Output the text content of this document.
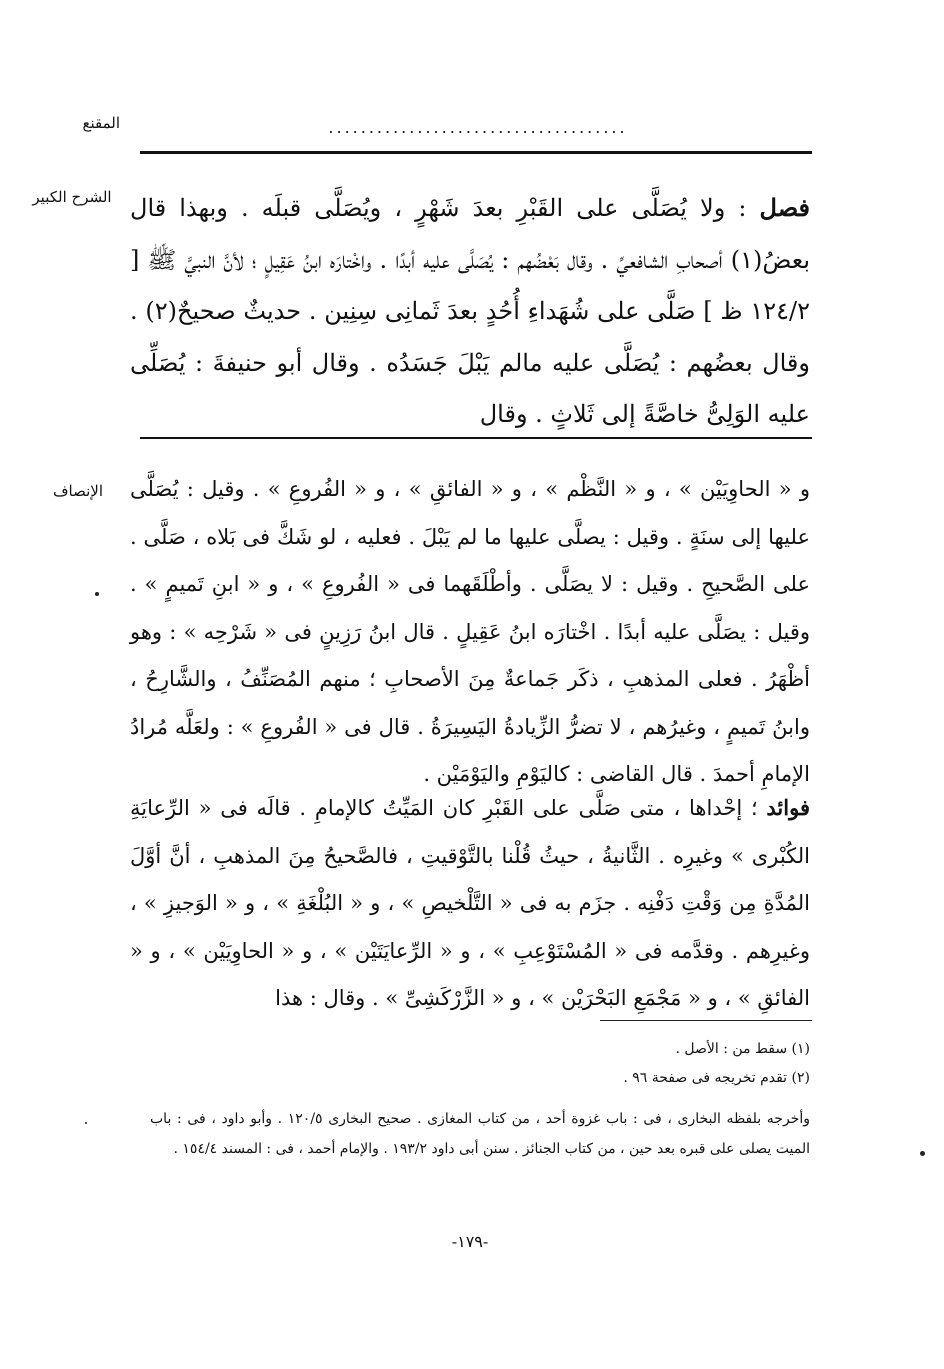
المقنع	.....................................
الشرح الكبير	فصل : ولا يُصَلَّى على القَبْرِ بعدَ شَهْرٍ ، ويُصَلَّى قبلَه . وبهذا قال بعضُ(١) أصحابِ الشافعيِّ . وقال بَعْضُهم : يُصَلَّى عليه أبدًا . واخْتارَه ابنُ عَقِيلٍ ؛ لأنَّ النبيَّ ﷺ [ ١٢٤/٢ ظ ] صَلَّى على شُهَداءِ أُحُدٍ بعدَ ثَمانِى سِنِين . حديثٌ صحيحٌ(٢) . وقال بعضُهم : يُصَلَّى عليه مالم يَبْلَ جَسَدُه . وقال أبو حنيفةَ : يُصَلِّى عليه الوَلِىُّ خاصَّةً إلى ثَلاثٍ . وقال
الإنصاف	و « الحاوِيَيْن » ، و « النَّظْم » ، و « الفائقِ » ، و « الفُروعِ » . وقيل : يُصَلَّى عليها إلى سنَةٍ . وقيل : يصلَّى عليها ما لم يَبْلَ . فعليه ، لو شَكَّ فى بَلاه ، صَلَّى . على الصَّحيحِ . وقيل : لا يصَلَّى . وأطْلَقَهما فى « الفُروعِ » ، و « ابنِ تَميمٍ » . وقيل : يصَلَّى عليه أبدًا . اخْتارَه ابنُ عَقِيلٍ . قال ابنُ رَزِينٍ فى « شَرْحِه » : وهو أظْهَرُ . فعلى المذهبِ ، ذكَر جَماعةٌ مِنَ الأصحابِ ؛ منهم المُصَنِّفُ ، والشَّارِحُ ، وابنُ تَميمٍ ، وغيرُهم ، لا تضرُّ الزِّيادةُ اليَسِيرَةُ . قال فى « الفُروعِ » : ولعَلَّه مُرادُ الإمامِ أحمدَ . قال القاضى : كاليَوْمِ واليَوْمَيْن .
فوائد ؛ إحْداها ، متى صَلَّى على القَبْرِ كان المَيِّتُ كالإمامِ . قالَه فى « الرِّعايَةِ الكُبْرى » وغيرِه . الثَّانيةُ ، حيثُ قُلْنا بالتَّوْقيتِ ، فالصَّحيحُ مِنَ المذهبِ ، أنَّ أوَّلَ المُدَّةِ مِن وَقْتِ دَفْنِه . جزَم به فى « التَّلْخيصِ » ، و « البُلْغَةِ » ، و « الوَجيزِ » ، وغيرِهم . وقدَّمه فى « المُسْتَوْعِبِ » ، و « الرِّعايَتَيْن » ، و « الحاوِيَيْن » ، و « الفائقِ » ، و « مَجْمَعِ البَحْرَيْن » ، و « الزَّرْكَشِىِّ » . وقال : هذا
(١) سقط من : الأصل .
(٢) تقدم تخريجه فى صفحة ٩٦ .
وأخرجه بلفظه البخارى ، فى : باب غزوة أحد ، من كتاب المغازى . صحيح البخارى ١٢٠/٥ . وأبو داود ، فى : باب الميت يصلى على قبره بعد حين ، من كتاب الجنائز . سنن أبى داود ١٩٣/٢ . والإمام أحمد ، فى : المسند ١٥٤/٤ .
-١٧٩-
